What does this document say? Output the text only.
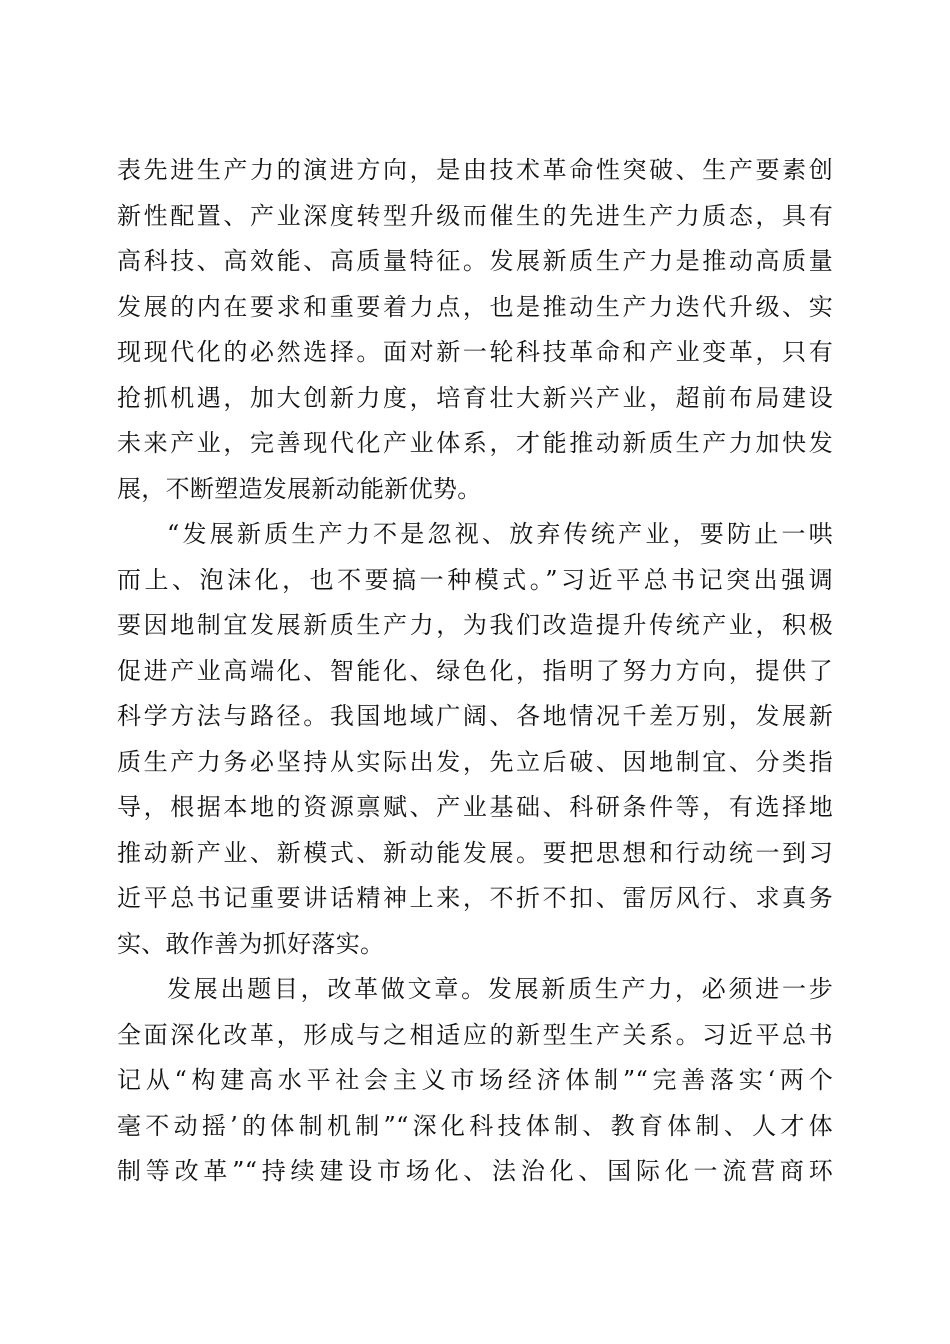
表先进生产力的演进方向，是由技术革命性突破、生产要素创
新性配置、产业深度转型升级而催生的先进生产力质态，具有
高科技、高效能、高质量特征。发展新质生产力是推动高质量
发展的内在要求和重要着力点，也是推动生产力迭代升级、实
现现代化的必然选择。面对新一轮科技革命和产业变革，只有
抢抓机遇，加大创新力度，培育壮大新兴产业，超前布局建设
未来产业，完善现代化产业体系，才能推动新质生产力加快发
展，不断塑造发展新动能新优势。
“发展新质生产力不是忽视、放弃传统产业，要防止一哄
而上、泡沫化，也不要搞一种模式。”习近平总书记突出强调
要因地制宜发展新质生产力，为我们改造提升传统产业，积极
促进产业高端化、智能化、绿色化，指明了努力方向，提供了
科学方法与路径。我国地域广阔、各地情况千差万别，发展新
质生产力务必坚持从实际出发，先立后破、因地制宜、分类指
导，根据本地的资源禀赋、产业基础、科研条件等，有选择地
推动新产业、新模式、新动能发展。要把思想和行动统一到习
近平总书记重要讲话精神上来，不折不扣、雷厉风行、求真务
实、敢作善为抓好落实。
发展出题目，改革做文章。发展新质生产力，必须进一步
全面深化改革，形成与之相适应的新型生产关系。习近平总书
记从“构建高水平社会主义市场经济体制”“完善落实‘两个
毫不动摇’的体制机制”“深化科技体制、教育体制、人才体
制等改革”“持续建设市场化、法治化、国际化一流营商环
